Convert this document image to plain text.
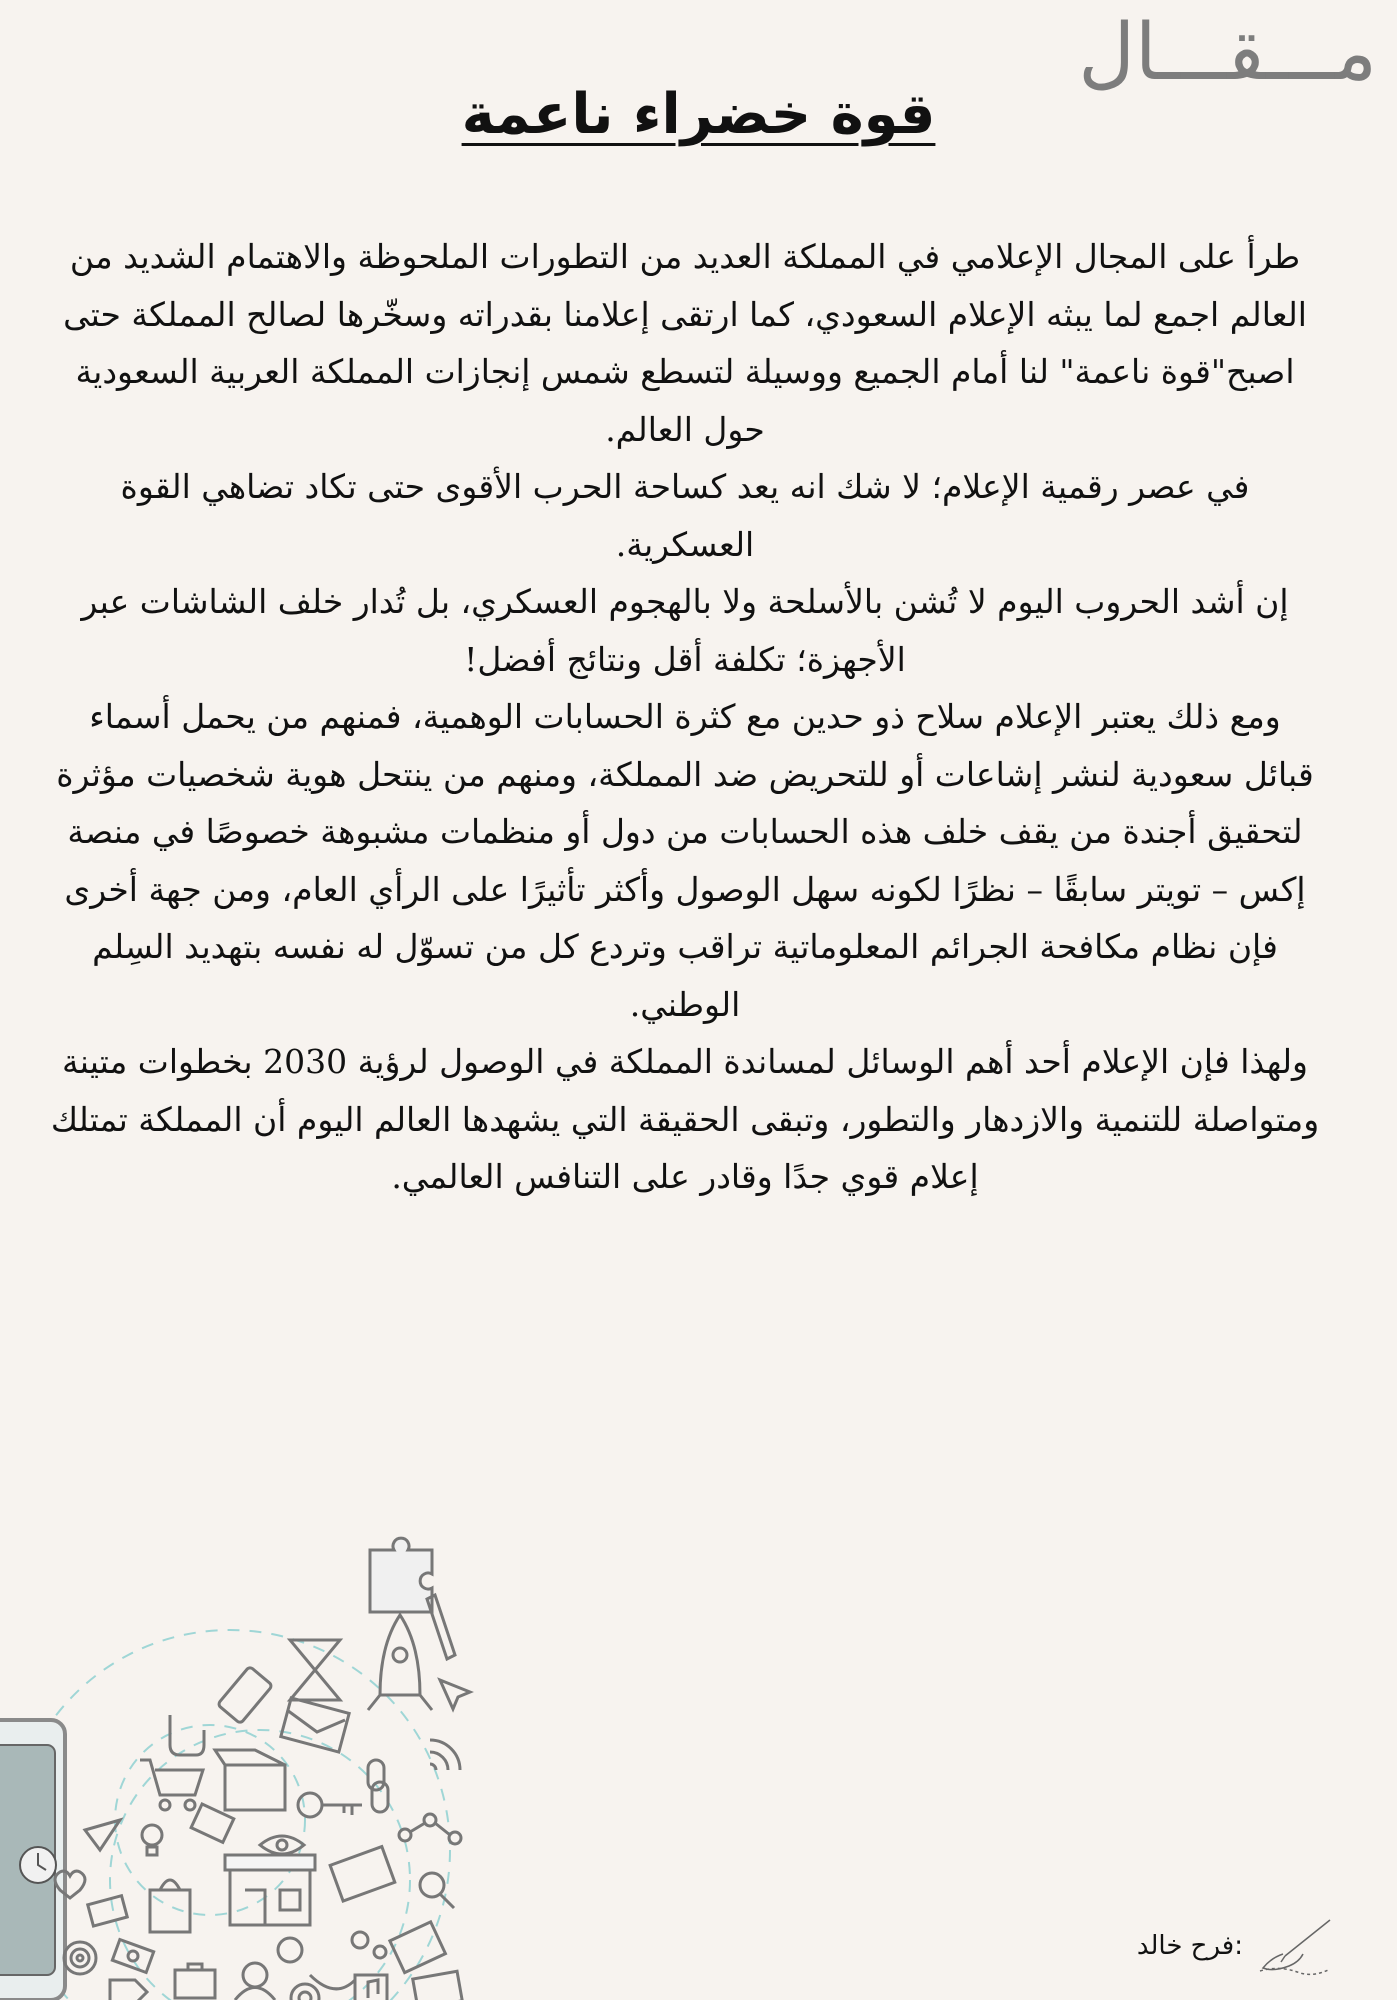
مـــقـــال
قوة خضراء ناعمة

طرأ على المجال الإعلامي في المملكة العديد من التطورات الملحوظة والاهتمام الشديد من العالم اجمع لما يبثه الإعلام السعودي، كما ارتقى إعلامنا بقدراته وسخّرها لصالح المملكة حتى اصبح"قوة ناعمة" لنا أمام الجميع ووسيلة لتسطع شمس إنجازات المملكة العربية السعودية حول العالم.

في عصر رقمية الإعلام؛ لا شك انه يعد كساحة الحرب الأقوى حتى تكاد تضاهي القوة العسكرية.

إن أشد الحروب اليوم لا تُشن بالأسلحة ولا بالهجوم العسكري، بل تُدار خلف الشاشات عبر الأجهزة؛ تكلفة أقل ونتائج أفضل!

ومع ذلك يعتبر الإعلام سلاح ذو حدين مع كثرة الحسابات الوهمية، فمنهم من يحمل أسماء قبائل سعودية لنشر إشاعات أو للتحريض ضد المملكة، ومنهم من ينتحل هوية شخصيات مؤثرة لتحقيق أجندة من يقف خلف هذه الحسابات من دول أو منظمات مشبوهة خصوصًا في منصة إكس – تويتر سابقًا – نظرًا لكونه سهل الوصول وأكثر تأثيرًا على الرأي العام، ومن جهة أخرى فإن نظام مكافحة الجرائم المعلوماتية تراقب وتردع كل من تسوّل له نفسه بتهديد السِلم الوطني.

ولهذا فإن الإعلام أحد أهم الوسائل لمساندة المملكة في الوصول لرؤية 2030 بخطوات متينة ومتواصلة للتنمية والازدهار والتطور، وتبقى الحقيقة التي يشهدها العالم اليوم أن المملكة تمتلك إعلام قوي جدًا وقادر على التنافس العالمي.

:فرح خالد
